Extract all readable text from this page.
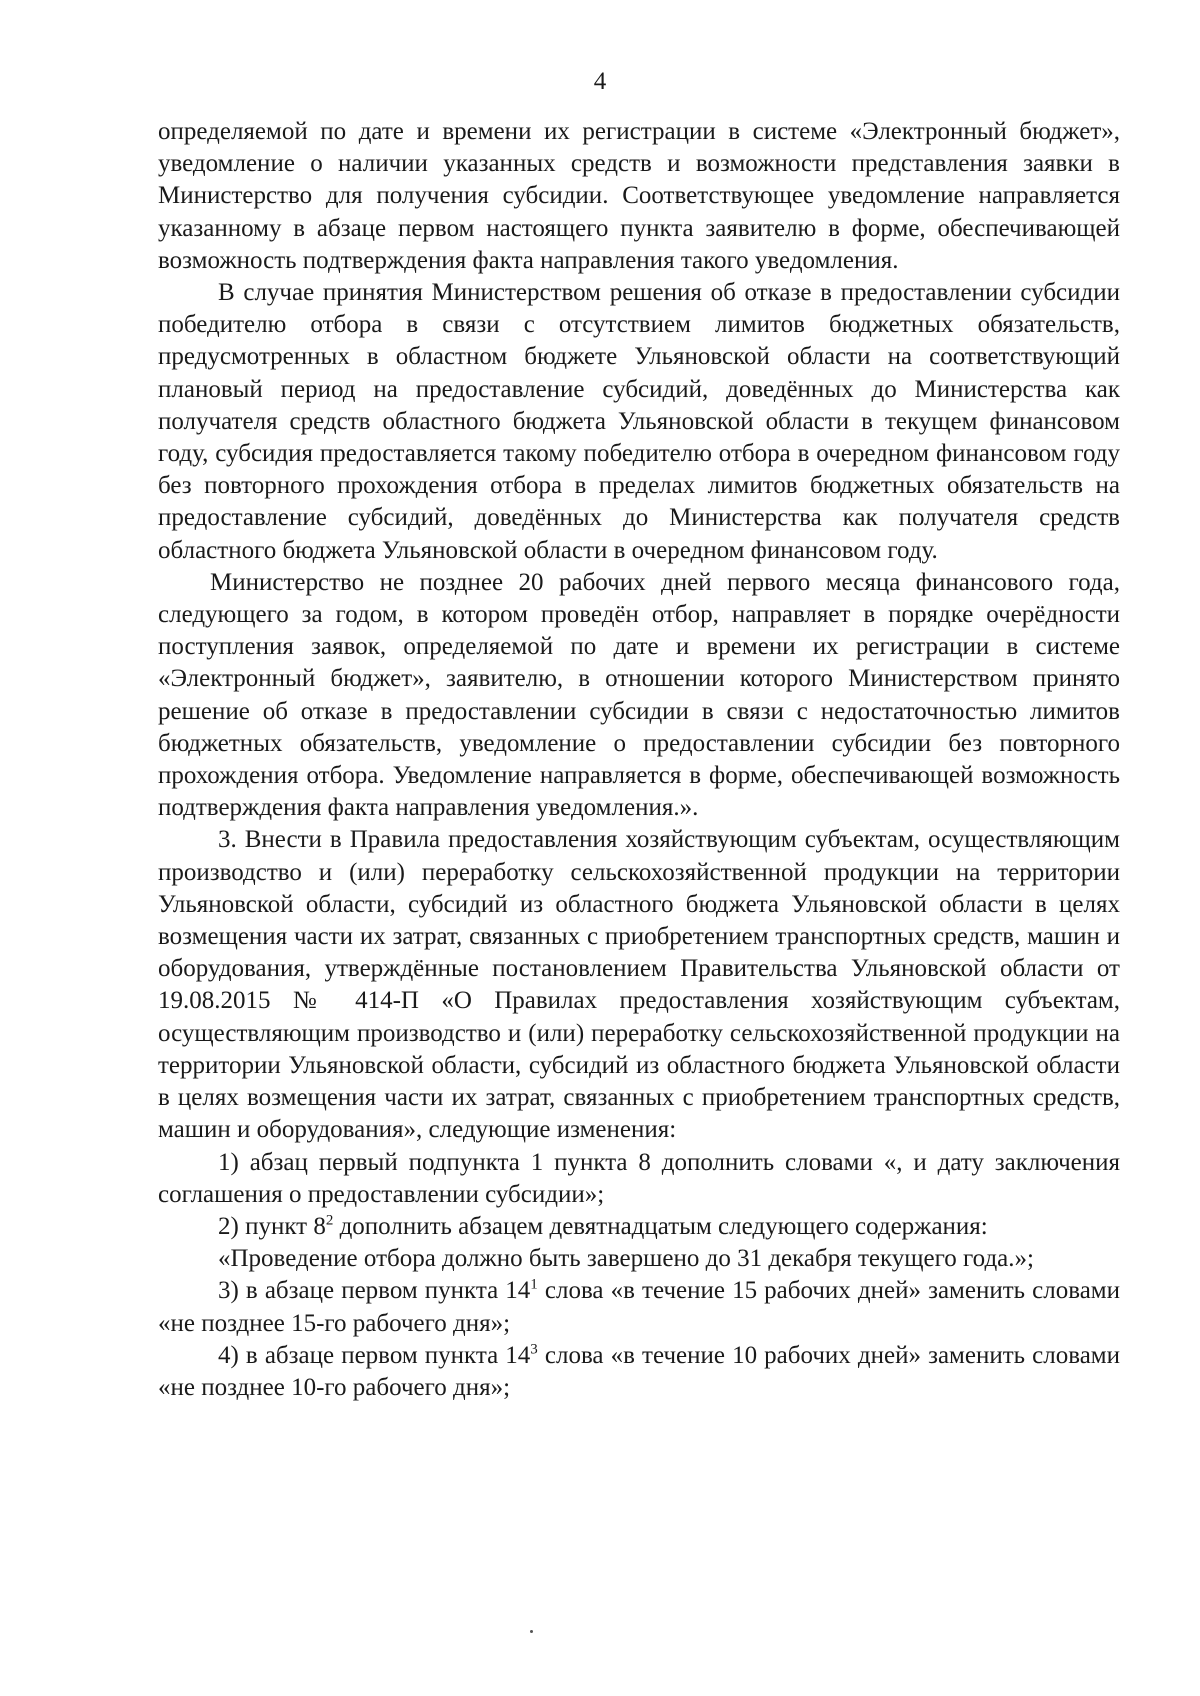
4

определяемой по дате и времени их регистрации в системе «Электронный бюджет», уведомление о наличии указанных средств и возможности представления заявки в Министерство для получения субсидии. Соответствующее уведомление направляется указанному в абзаце первом настоящего пункта заявителю в форме, обеспечивающей возможность подтверждения факта направления такого уведомления.

В случае принятия Министерством решения об отказе в предоставлении субсидии победителю отбора в связи с отсутствием лимитов бюджетных обязательств, предусмотренных в областном бюджете Ульяновской области на соответствующий плановый период на предоставление субсидий, доведённых до Министерства как получателя средств областного бюджета Ульяновской области в текущем финансовом году, субсидия предоставляется такому победителю отбора в очередном финансовом году без повторного прохождения отбора в пределах лимитов бюджетных обязательств на предоставление субсидий, доведённых до Министерства как получателя средств областного бюджета Ульяновской области в очередном финансовом году.

Министерство не позднее 20 рабочих дней первого месяца финансового года, следующего за годом, в котором проведён отбор, направляет в порядке очерёдности поступления заявок, определяемой по дате и времени их регистрации в системе «Электронный бюджет», заявителю, в отношении которого Министерством принято решение об отказе в предоставлении субсидии в связи с недостаточностью лимитов бюджетных обязательств, уведомление о предоставлении субсидии без повторного прохождения отбора. Уведомление направляется в форме, обеспечивающей возможность подтверждения факта направления уведомления.».

3. Внести в Правила предоставления хозяйствующим субъектам, осуществляющим производство и (или) переработку сельскохозяйственной продукции на территории Ульяновской области, субсидий из областного бюджета Ульяновской области в целях возмещения части их затрат, связанных с приобретением транспортных средств, машин и оборудования, утверждённые постановлением Правительства Ульяновской области от 19.08.2015 № 414-П «О Правилах предоставления хозяйствующим субъектам, осуществляющим производство и (или) переработку сельскохозяйственной продукции на территории Ульяновской области, субсидий из областного бюджета Ульяновской области в целях возмещения части их затрат, связанных с приобретением транспортных средств, машин и оборудования», следующие изменения:

1) абзац первый подпункта 1 пункта 8 дополнить словами «, и дату заключения соглашения о предоставлении субсидии»;

2) пункт $8^2$ дополнить абзацем девятнадцатым следующего содержания:

«Проведение отбора должно быть завершено до 31 декабря текущего года.»;

3) в абзаце первом пункта $14^1$ слова «в течение 15 рабочих дней» заменить словами «не позднее 15-го рабочего дня»;

4) в абзаце первом пункта $14^3$ слова «в течение 10 рабочих дней» заменить словами «не позднее 10-го рабочего дня»;
